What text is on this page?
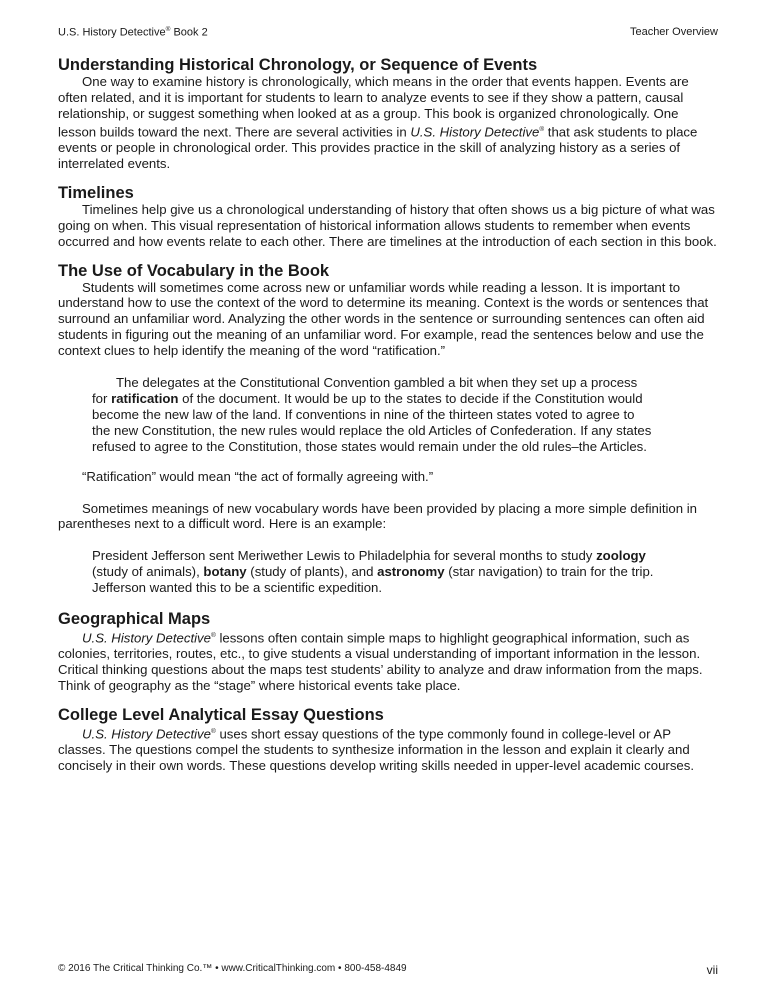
U.S. History Detective® Book 2	Teacher Overview
Understanding Historical Chronology, or Sequence of Events

One way to examine history is chronologically, which means in the order that events happen. Events are often related, and it is important for students to learn to analyze events to see if they show a pattern, causal relationship, or suggest something when looked at as a group. This book is organized chronologically. One lesson builds toward the next. There are several activities in U.S. History Detective® that ask students to place events or people in chronological order. This provides practice in the skill of analyzing history as a series of interrelated events.

Timelines

Timelines help give us a chronological understanding of history that often shows us a big picture of what was going on when. This visual representation of historical information allows students to remember when events occurred and how events relate to each other. There are timelines at the introduction of each section in this book.

The Use of Vocabulary in the Book

Students will sometimes come across new or unfamiliar words while reading a lesson. It is important to understand how to use the context of the word to determine its meaning. Context is the words or sentences that surround an unfamiliar word. Analyzing the other words in the sentence or surrounding sentences can often aid students in figuring out the meaning of an unfamiliar word. For example, read the sentences below and use the context clues to help identify the meaning of the word “ratification.”

The delegates at the Constitutional Convention gambled a bit when they set up a process for ratification of the document. It would be up to the states to decide if the Constitution would become the new law of the land. If conventions in nine of the thirteen states voted to agree to the new Constitution, the new rules would replace the old Articles of Confederation. If any states refused to agree to the Constitution, those states would remain under the old rules–the Articles.

“Ratification” would mean “the act of formally agreeing with.”

Sometimes meanings of new vocabulary words have been provided by placing a more simple definition in parentheses next to a difficult word. Here is an example:

President Jefferson sent Meriwether Lewis to Philadelphia for several months to study zoology (study of animals), botany (study of plants), and astronomy (star navigation) to train for the trip. Jefferson wanted this to be a scientific expedition.

Geographical Maps

U.S. History Detective® lessons often contain simple maps to highlight geographical information, such as colonies, territories, routes, etc., to give students a visual understanding of important information in the lesson. Critical thinking questions about the maps test students’ ability to analyze and draw information from the maps. Think of geography as the “stage” where historical events take place.

College Level Analytical Essay Questions

U.S. History Detective® uses short essay questions of the type commonly found in college-level or AP classes. The questions compel the students to synthesize information in the lesson and explain it clearly and concisely in their own words. These questions develop writing skills needed in upper-level academic courses.

© 2016 The Critical Thinking Co.™ • www.CriticalThinking.com • 800-458-4849	vii
